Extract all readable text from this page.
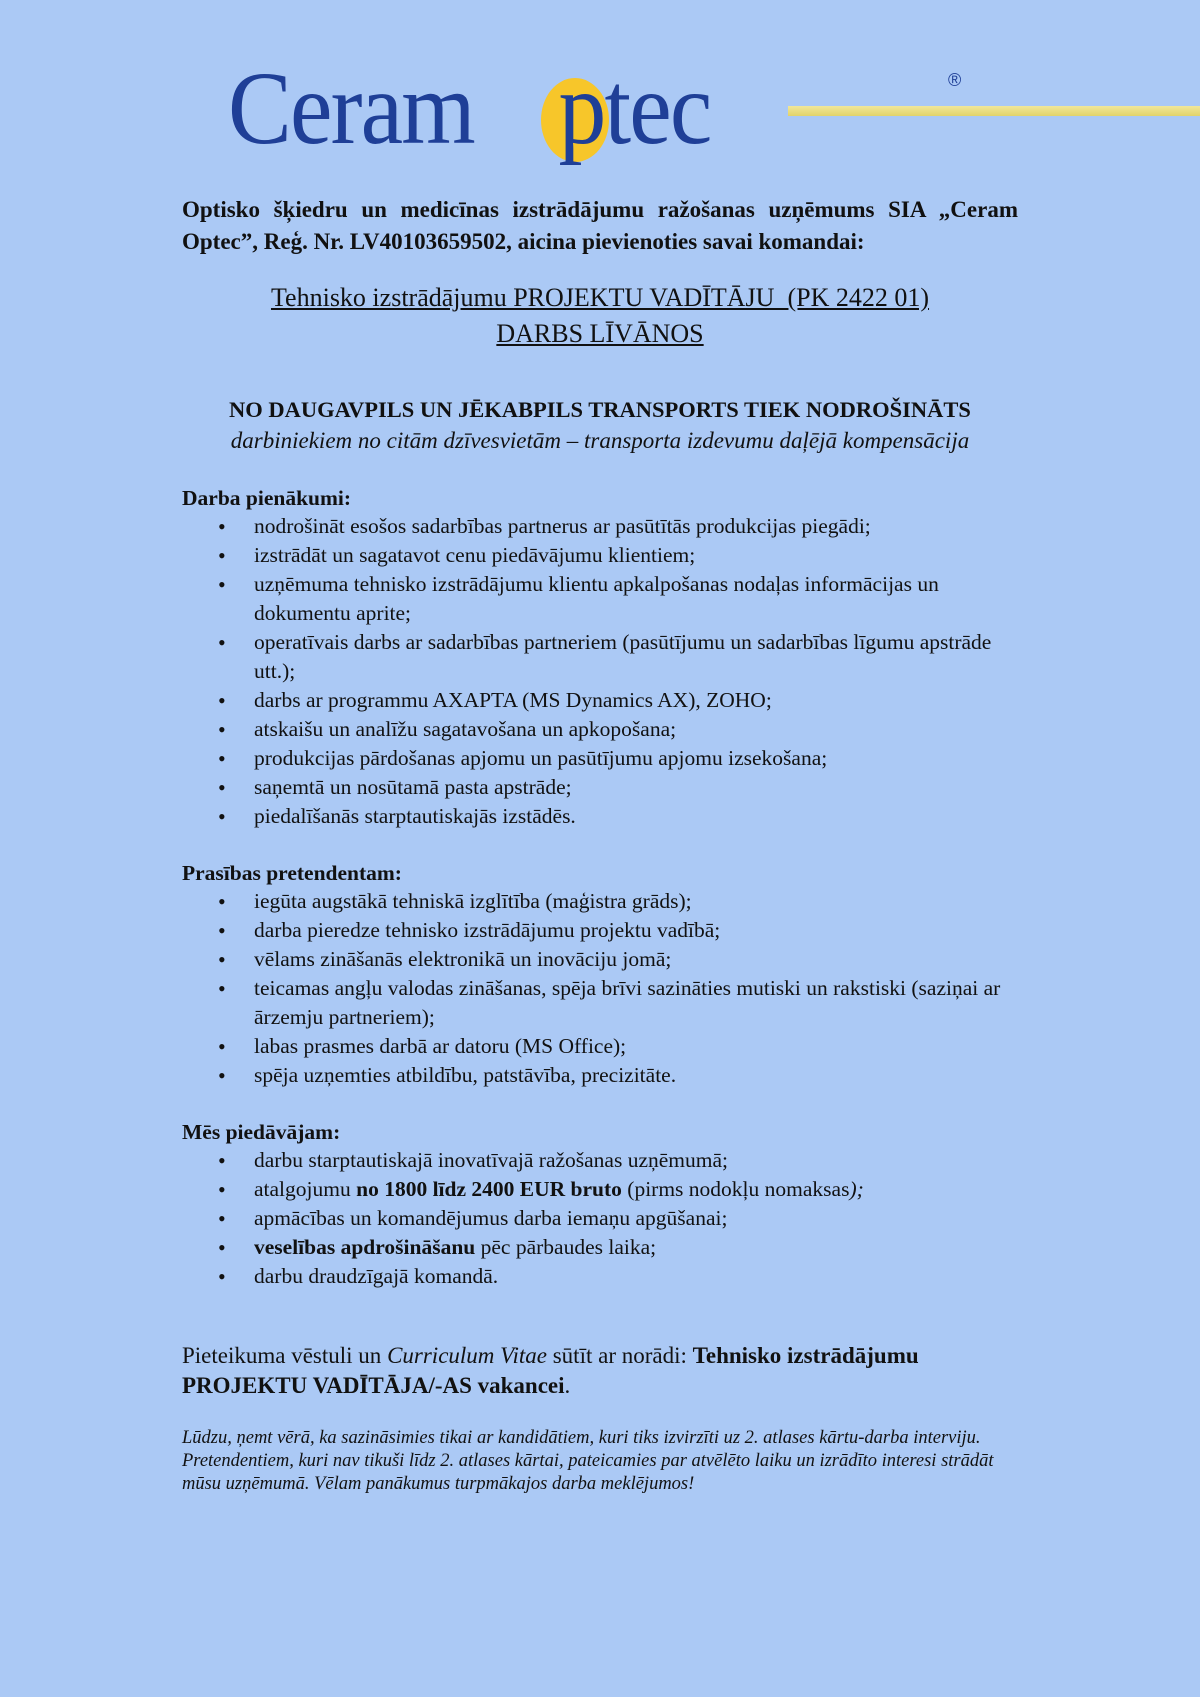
Ceram ptec	®

Optisko šķiedru un medicīnas izstrādājumu ražošanas uzņēmums SIA „Ceram Optec”, Reģ. Nr. LV40103659502, aicina pievienoties savai komandai:

Tehnisko izstrādājumu PROJEKTU VADĪTĀJU  (PK 2422 01)
DARBS LĪVĀNOS

NO DAUGAVPILS UN JĒKABPILS TRANSPORTS TIEK NODROŠINĀTS

darbiniekiem no citām dzīvesvietām – transporta izdevumu daļējā kompensācija

Darba pienākumi:

• nodrošināt esošos sadarbības partnerus ar pasūtītās produkcijas piegādi;
• izstrādāt un sagatavot cenu piedāvājumu klientiem;
• uzņēmuma tehnisko izstrādājumu klientu apkalpošanas nodaļas informācijas un dokumentu aprite;
• operatīvais darbs ar sadarbības partneriem (pasūtījumu un sadarbības līgumu apstrāde utt.);
• darbs ar programmu AXAPTA (MS Dynamics AX), ZOHO;
• atskaišu un analīžu sagatavošana un apkopošana;
• produkcijas pārdošanas apjomu un pasūtījumu apjomu izsekošana;
• saņemtā un nosūtamā pasta apstrāde;
• piedalīšanās starptautiskajās izstādēs.

Prasības pretendentam:

• iegūta augstākā tehniskā izglītība (maģistra grāds);
• darba pieredze tehnisko izstrādājumu projektu vadībā;
• vēlams zināšanās elektronikā un inovāciju jomā;
• teicamas angļu valodas zināšanas, spēja brīvi sazināties mutiski un rakstiski (saziņai ar ārzemju partneriem);
• labas prasmes darbā ar datoru (MS Office);
• spēja uzņemties atbildību, patstāvība, precizitāte.

Mēs piedāvājam:

• darbu starptautiskajā inovatīvajā ražošanas uzņēmumā;
• atalgojumu no 1800 līdz 2400 EUR bruto (pirms nodokļu nomaksas);
• apmācības un komandējumus darba iemaņu apgūšanai;
• veselības apdrošināšanu pēc pārbaudes laika;
• darbu draudzīgajā komandā.

Pieteikuma vēstuli un Curriculum Vitae sūtīt ar norādi: Tehnisko izstrādājumu PROJEKTU VADĪTĀJA/-AS vakancei.

Lūdzu, ņemt vērā, ka sazināsimies tikai ar kandidātiem, kuri tiks izvirzīti uz 2. atlases kārtu-darba interviju.
Pretendentiem, kuri nav tikuši līdz 2. atlases kārtai, pateicamies par atvēlēto laiku un izrādīto interesi strādāt mūsu uzņēmumā. Vēlam panākumus turpmākajos darba meklējumos!
